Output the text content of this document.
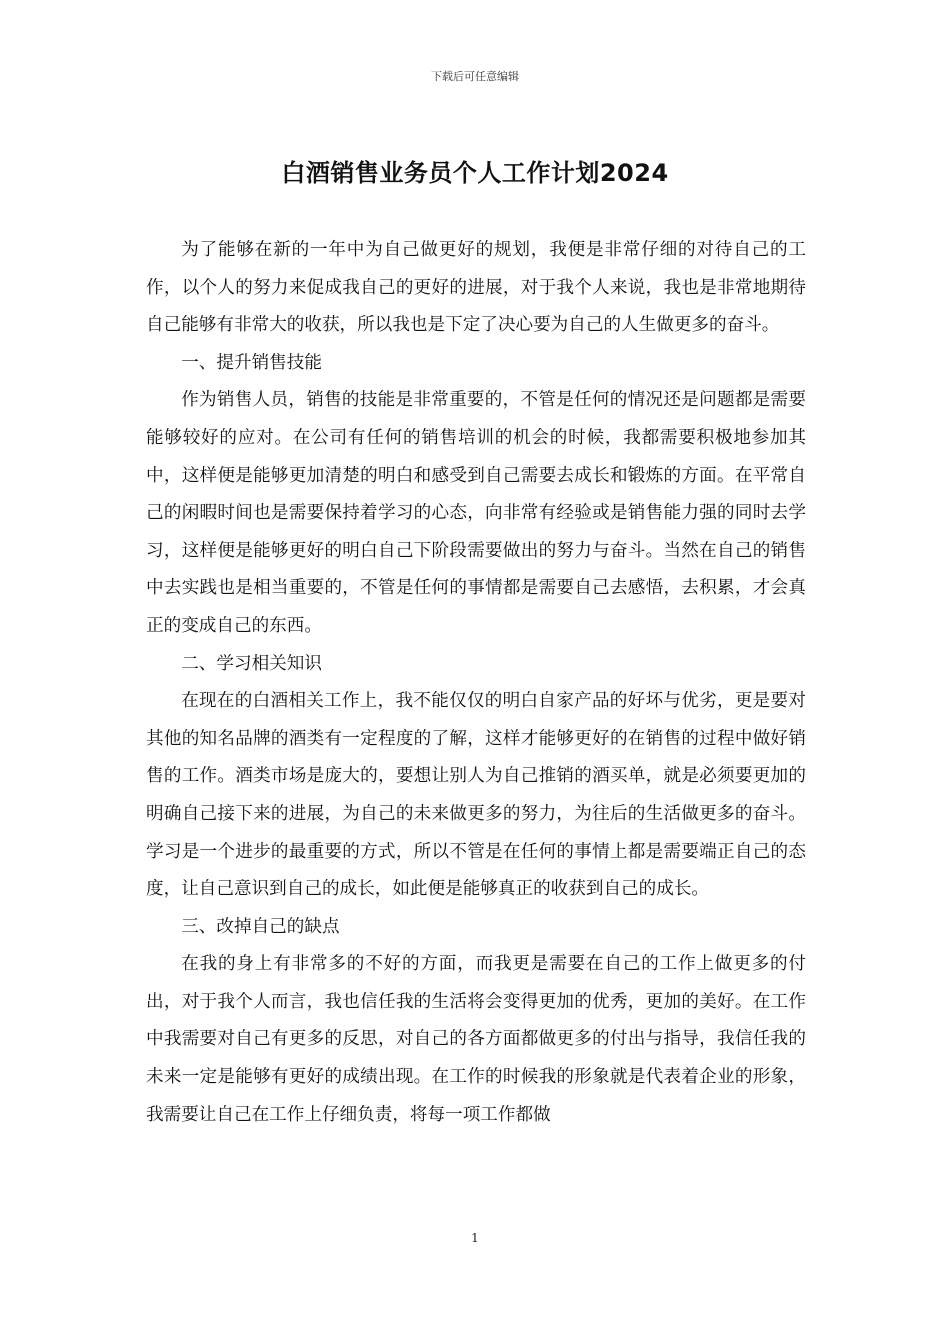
下载后可任意编辑
白酒销售业务员个人工作计划2024

为了能够在新的一年中为自己做更好的规划，我便是非常仔细的对待自己的工作，以个人的努力来促成我自己的更好的进展，对于我个人来说，我也是非常地期待自己能够有非常大的收获，所以我也是下定了决心要为自己的人生做更多的奋斗。

一、提升销售技能

作为销售人员，销售的技能是非常重要的，不管是任何的情况还是问题都是需要能够较好的应对。在公司有任何的销售培训的机会的时候，我都需要积极地参加其中，这样便是能够更加清楚的明白和感受到自己需要去成长和锻炼的方面。在平常自己的闲暇时间也是需要保持着学习的心态，向非常有经验或是销售能力强的同时去学习，这样便是能够更好的明白自己下阶段需要做出的努力与奋斗。当然在自己的销售中去实践也是相当重要的，不管是任何的事情都是需要自己去感悟，去积累，才会真正的变成自己的东西。

二、学习相关知识

在现在的白酒相关工作上，我不能仅仅的明白自家产品的好坏与优劣，更是要对其他的知名品牌的酒类有一定程度的了解，这样才能够更好的在销售的过程中做好销售的工作。酒类市场是庞大的，要想让别人为自己推销的酒买单，就是必须要更加的明确自己接下来的进展，为自己的未来做更多的努力，为往后的生活做更多的奋斗。学习是一个进步的最重要的方式，所以不管是在任何的事情上都是需要端正自己的态度，让自己意识到自己的成长，如此便是能够真正的收获到自己的成长。

三、改掉自己的缺点

在我的身上有非常多的不好的方面，而我更是需要在自己的工作上做更多的付出，对于我个人而言，我也信任我的生活将会变得更加的优秀，更加的美好。在工作中我需要对自己有更多的反思，对自己的各方面都做更多的付出与指导，我信任我的未来一定是能够有更好的成绩出现。在工作的时候我的形象就是代表着企业的形象，我需要让自己在工作上仔细负责，将每一项工作都做

1
